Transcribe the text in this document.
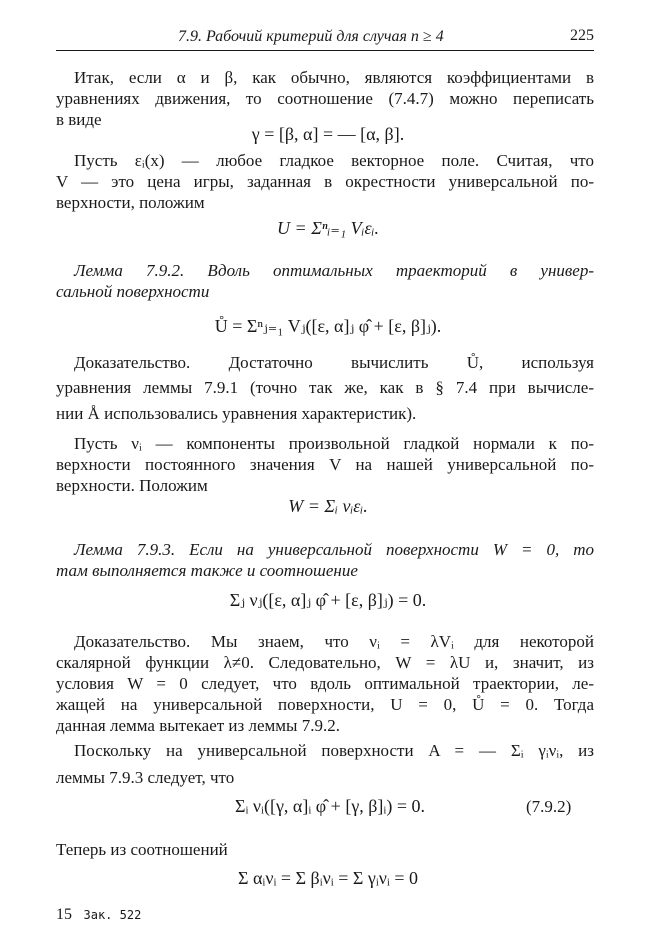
7.9. Рабочий критерий для случая n ≥ 4	225
Итак, если α и β, как обычно, являются коэффициентами в
уравнениях движения, то соотношение (7.4.7) можно переписать
в виде
γ = [β, α] = — [α, β].
Пусть εᵢ(x) — любое гладкое векторное поле. Считая, что
V — это цена игры, заданная в окрестности универсальной по-
верхности, положим
U = Σⁿᵢ₌₁ Vᵢεᵢ.
Лемма 7.9.2. Вдоль оптимальных траекторий в универ-
сальной поверхности
Ů = Σⁿⱼ₌₁ Vⱼ([ε, α]ⱼ φ̂ + [ε, β]ⱼ).
Доказательство. Достаточно вычислить Ů, используя
уравнения леммы 7.9.1 (точно так же, как в § 7.4 при вычисле-
нии Å использовались уравнения характеристик).
Пусть νᵢ — компоненты произвольной гладкой нормали к по-
верхности постоянного значения V на нашей универсальной по-
верхности. Положим
W = Σᵢ νᵢεᵢ.
Лемма 7.9.3. Если на универсальной поверхности W = 0, то
там выполняется также и соотношение
Σⱼ νⱼ([ε, α]ⱼ φ̂ + [ε, β]ⱼ) = 0.
Доказательство. Мы знаем, что νᵢ = λVᵢ для некоторой
скалярной функции λ≠0. Следовательно, W = λU и, значит, из
условия W = 0 следует, что вдоль оптимальной траектории, ле-
жащей на универсальной поверхности, U = 0, Ů = 0. Тогда
данная лемма вытекает из леммы 7.9.2.
Поскольку на универсальной поверхности A = — Σᵢ γᵢνᵢ, из
леммы 7.9.3 следует, что
Σᵢ νᵢ([γ, α]ᵢ φ̂ + [γ, β]ᵢ) = 0.	(7.9.2)
Теперь из соотношений
Σ αᵢνᵢ = Σ βᵢνᵢ = Σ γᵢνᵢ = 0
15 Зак. 522
